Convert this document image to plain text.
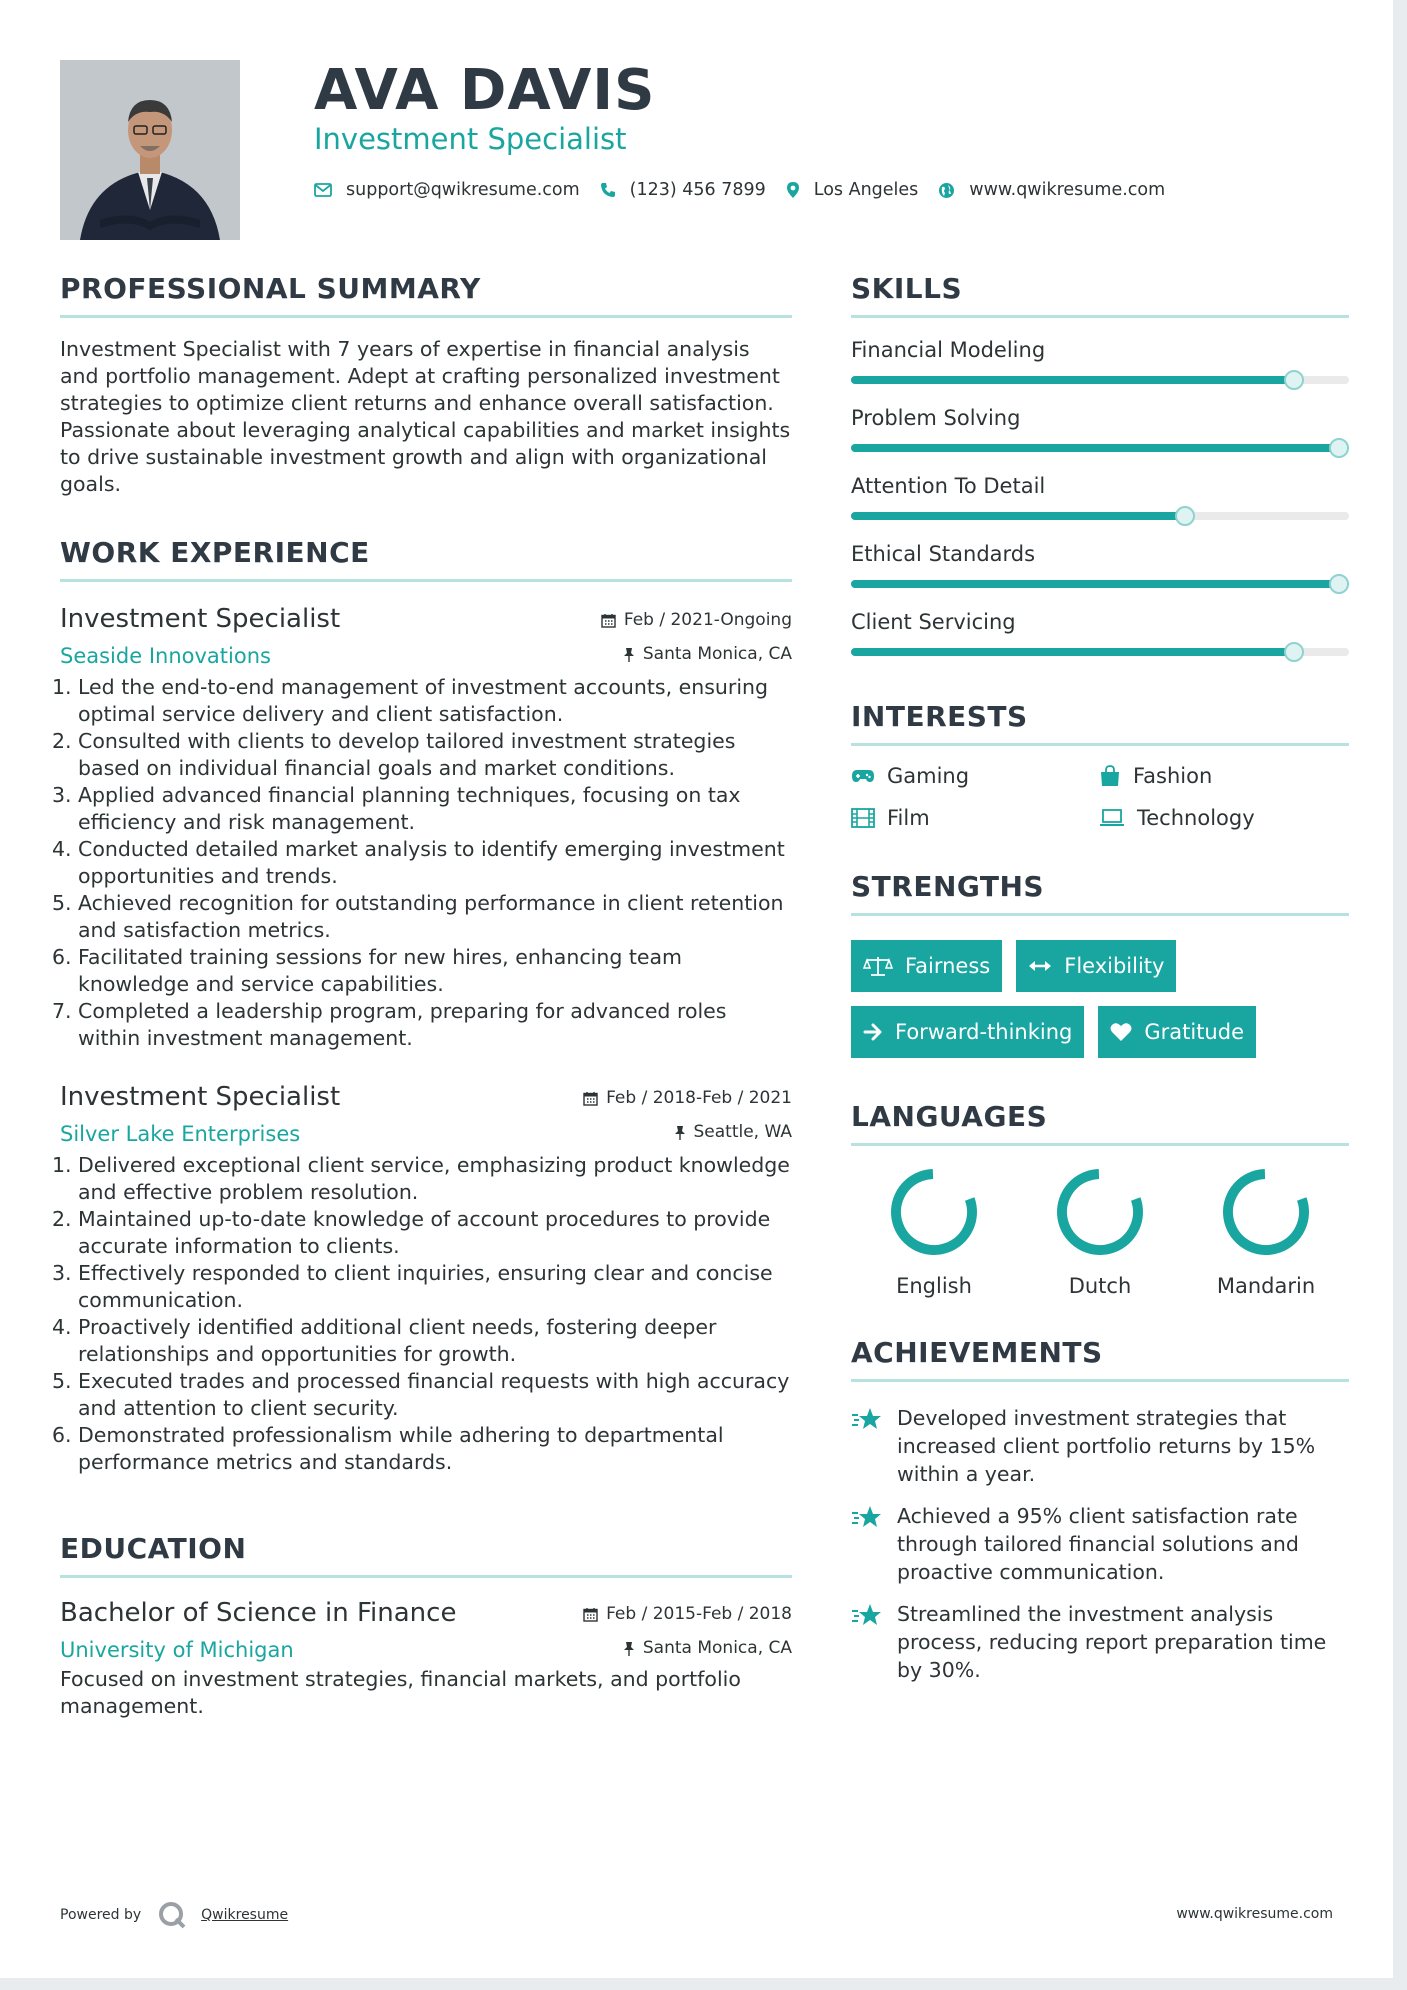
AVA DAVIS
Investment Specialist
support@qwikresume.com	(123) 456 7899	Los Angeles	www.qwikresume.com
PROFESSIONAL SUMMARY

Investment Specialist with 7 years of expertise in financial analysis and portfolio management. Adept at crafting personalized investment strategies to optimize client returns and enhance overall satisfaction. Passionate about leveraging analytical capabilities and market insights to drive sustainable investment growth and align with organizational goals.

WORK EXPERIENCE
Investment Specialist
Seaside Innovations
Feb / 2021-Ongoing
Santa Monica, CA
Led the end-to-end management of investment accounts, ensuring optimal service delivery and client satisfaction.
Consulted with clients to develop tailored investment strategies based on individual financial goals and market conditions.
Applied advanced financial planning techniques, focusing on tax efficiency and risk management.
Conducted detailed market analysis to identify emerging investment opportunities and trends.
Achieved recognition for outstanding performance in client retention and satisfaction metrics.
Facilitated training sessions for new hires, enhancing team knowledge and service capabilities.
Completed a leadership program, preparing for advanced roles within investment management.
Investment Specialist
Silver Lake Enterprises
Feb / 2018-Feb / 2021
Seattle, WA
Delivered exceptional client service, emphasizing product knowledge and effective problem resolution.
Maintained up-to-date knowledge of account procedures to provide accurate information to clients.
Effectively responded to client inquiries, ensuring clear and concise communication.
Proactively identified additional client needs, fostering deeper relationships and opportunities for growth.
Executed trades and processed financial requests with high accuracy and attention to client security.
Demonstrated professionalism while adhering to departmental performance metrics and standards.
EDUCATION
Bachelor of Science in Finance
University of Michigan
Feb / 2015-Feb / 2018
Santa Monica, CA

Focused on investment strategies, financial markets, and portfolio management.

SKILLS
Financial Modeling
Problem Solving
Attention To Detail
Ethical Standards
Client Servicing
INTERESTS
Gaming	Fashion
Film	Technology
STRENGTHS
Fairness	Flexibility
Forward-thinking	Gratitude
LANGUAGES
English	Dutch	Mandarin
ACHIEVEMENTS
Developed investment strategies that increased client portfolio returns by 15% within a year.
Achieved a 95% client satisfaction rate through tailored financial solutions and proactive communication.
Streamlined the investment analysis process, reducing report preparation time by 30%.
Powered by	Qwikresume	www.qwikresume.com
